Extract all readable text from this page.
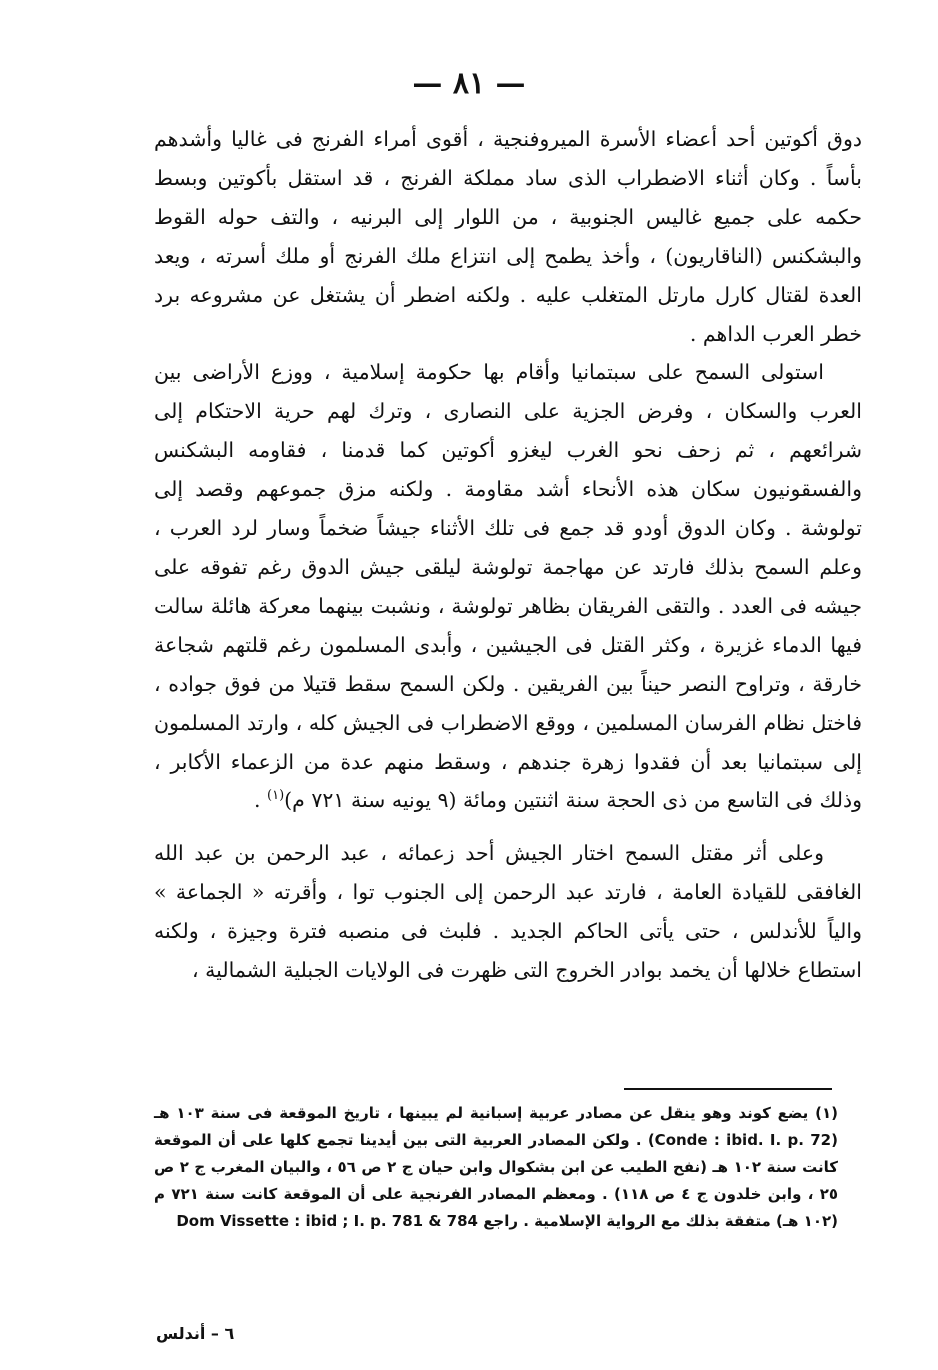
— ٨١ —

دوق أكوتين أحد أعضاء الأسرة الميروفنجية ، أقوى أمراء الفرنج فى غاليا وأشدهم بأساً . وكان أثناء الاضطراب الذى ساد مملكة الفرنج ، قد استقل بأكوتين وبسط حكمه على جميع غاليس الجنوبية ، من اللوار إلى البرنيه ، والتف حوله القوط والبشكنس (الناقاريون) ، وأخذ يطمح إلى انتزاع ملك الفرنج أو ملك أسرته ، ويعد العدة لقتال كارل مارتل المتغلب عليه . ولكنه اضطر أن يشتغل عن مشروعه برد خطر العرب الداهم .

استولى السمح على سبتمانيا وأقام بها حكومة إسلامية ، ووزع الأراضى بين العرب والسكان ، وفرض الجزية على النصارى ، وترك لهم حرية الاحتكام إلى شرائعهم ، ثم زحف نحو الغرب ليغزو أكوتين كما قدمنا ، فقاومه البشكنس والفسقونيون سكان هذه الأنحاء أشد مقاومة . ولكنه مزق جموعهم وقصد إلى تولوشة . وكان الدوق أودو قد جمع فى تلك الأثناء جيشاً ضخماً وسار لرد العرب ، وعلم السمح بذلك فارتد عن مهاجمة تولوشة ليلقى جيش الدوق رغم تفوقه على جيشه فى العدد . والتقى الفريقان بظاهر تولوشة ، ونشبت بينهما معركة هائلة سالت فيها الدماء غزيرة ، وكثر القتل فى الجيشين ، وأبدى المسلمون رغم قلتهم شجاعة خارقة ، وتراوح النصر حيناً بين الفريقين . ولكن السمح سقط قتيلا من فوق جواده ، فاختل نظام الفرسان المسلمين ، ووقع الاضطراب فى الجيش كله ، وارتد المسلمون إلى سبتمانيا بعد أن فقدوا زهرة جندهم ، وسقط منهم عدة من الزعماء الأكابر ، وذلك فى التاسع من ذى الحجة سنة اثنتين ومائة (٩ يونيه سنة ٧٢١ م)$^{(١)}$ .

وعلى أثر مقتل السمح اختار الجيش أحد زعمائه ، عبد الرحمن بن عبد الله الغافقى للقيادة العامة ، فارتد عبد الرحمن إلى الجنوب توا ، وأقرته « الجماعة » والياً للأندلس ، حتى يأتى الحاكم الجديد . فلبث فى منصبه فترة وجيزة ، ولكنه استطاع خلالها أن يخمد بوادر الخروج التى ظهرت فى الولايات الجبلية الشمالية ،

(١) يضع كوند وهو ينقل عن مصادر عربية إسبانية لم يبينها ، تاريخ الموقعة فى سنة ١٠٣ هـ (Conde : ibid. I. p. 72) . ولكن المصادر العربية التى بين أيدينا تجمع كلها على أن الموقعة كانت سنة ١٠٢ هـ (نفح الطيب عن ابن بشكوال وابن حيان ج ٢ ص ٥٦ ، والبيان المغرب ج ٢ ص ٢٥ ، وابن خلدون ج ٤ ص ١١٨) . ومعظم المصادر الفرنجية على أن الموقعة كانت سنة ٧٢١ م (١٠٢ هـ) متفقة بذلك مع الرواية الإسلامية . راجع Dom Vissette : ibid ; I. p. 781 & 784

٦ – أندلس
